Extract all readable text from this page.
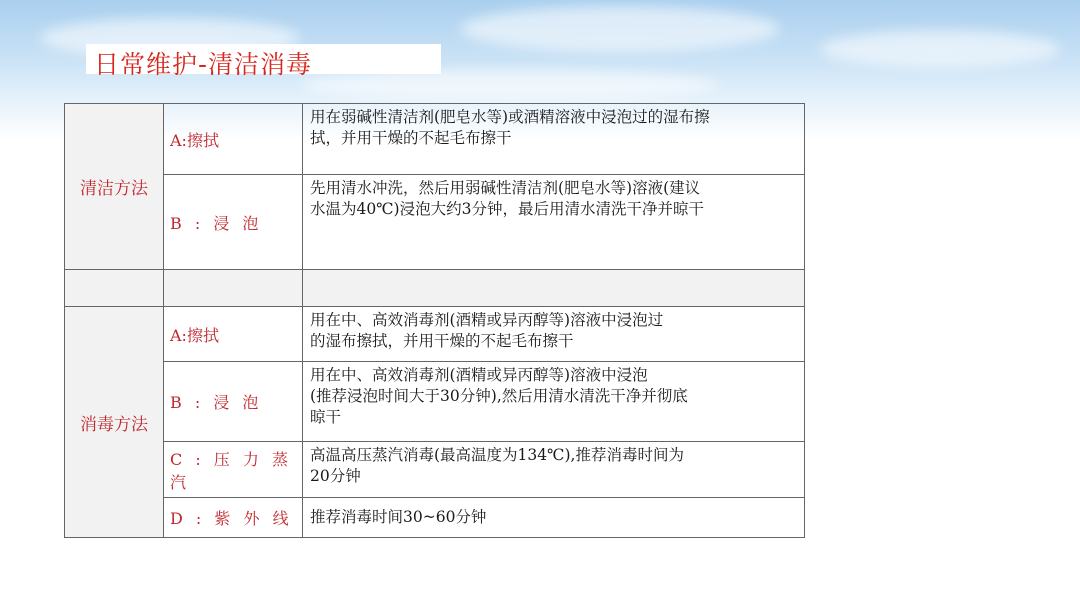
日常维护-清洁消毒
清洁方法	A:擦拭	用在弱碱性清洁剂(肥皂水等)或酒精溶液中浸泡过的湿布擦
拭，并用干燥的不起毛布擦干

	B : 浸 泡	先用清水冲洗，然后用弱碱性清洁剂(肥皂水等)溶液(建议
水温为40℃)浸泡大约3分钟，最后用清水清洗干净并晾干

消毒方法	A:擦拭	用在中、高效消毒剂(酒精或异丙醇等)溶液中浸泡过
的湿布擦拭，并用干燥的不起毛布擦干

	B : 浸 泡	用在中、高效消毒剂(酒精或异丙醇等)溶液中浸泡
(推荐浸泡时间大于30分钟),然后用清水清洗干净并彻底
晾干

	C : 压 力 蒸 汽	高温高压蒸汽消毒(最高温度为134℃),推荐消毒时间为
20分钟

	D : 紫 外 线	推荐消毒时间30~60分钟
